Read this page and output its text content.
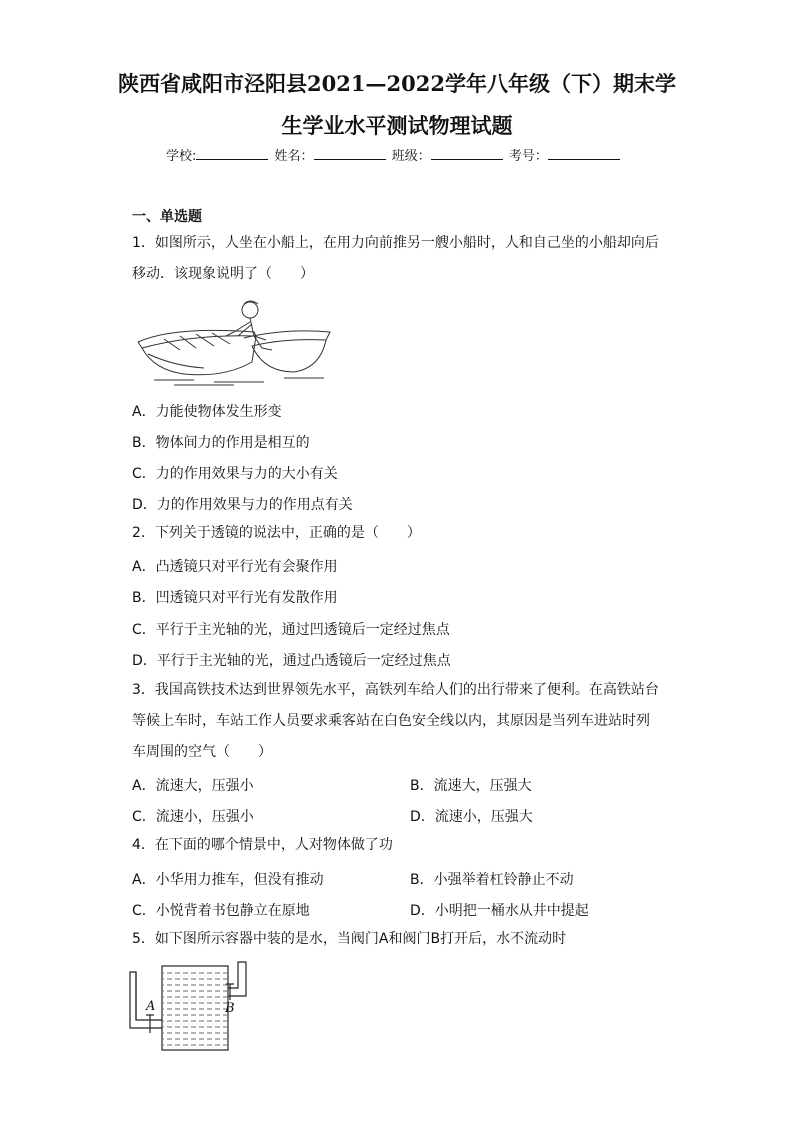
陕西省咸阳市泾阳县2021—2022学年八年级（下）期末学
生学业水平测试物理试题
学校:	姓名：	班级：	考号：
一、单选题
1．如图所示，人坐在小船上，在用力向前推另一艘小船时，人和自己坐的小船却向后
移动．该现象说明了（　　）
A．力能使物体发生形变
B．物体间力的作用是相互的
C．力的作用效果与力的大小有关
D．力的作用效果与力的作用点有关
2．下列关于透镜的说法中，正确的是（　　）
A．凸透镜只对平行光有会聚作用
B．凹透镜只对平行光有发散作用
C．平行于主光轴的光，通过凹透镜后一定经过焦点
D．平行于主光轴的光，通过凸透镜后一定经过焦点
3．我国高铁技术达到世界领先水平，高铁列车给人们的出行带来了便利。在高铁站台
等候上车时，车站工作人员要求乘客站在白色安全线以内，其原因是当列车进站时列
车周围的空气（　　）
A．流速大，压强小	B．流速大，压强大
C．流速小，压强小	D．流速小，压强大
4．在下面的哪个情景中，人对物体做了功
A．小华用力推车，但没有推动	B．小强举着杠铃静止不动
C．小悦背着书包静立在原地	D．小明把一桶水从井中提起
5．如下图所示容器中装的是水，当阀门A和阀门B打开后，水不流动时
A	B
